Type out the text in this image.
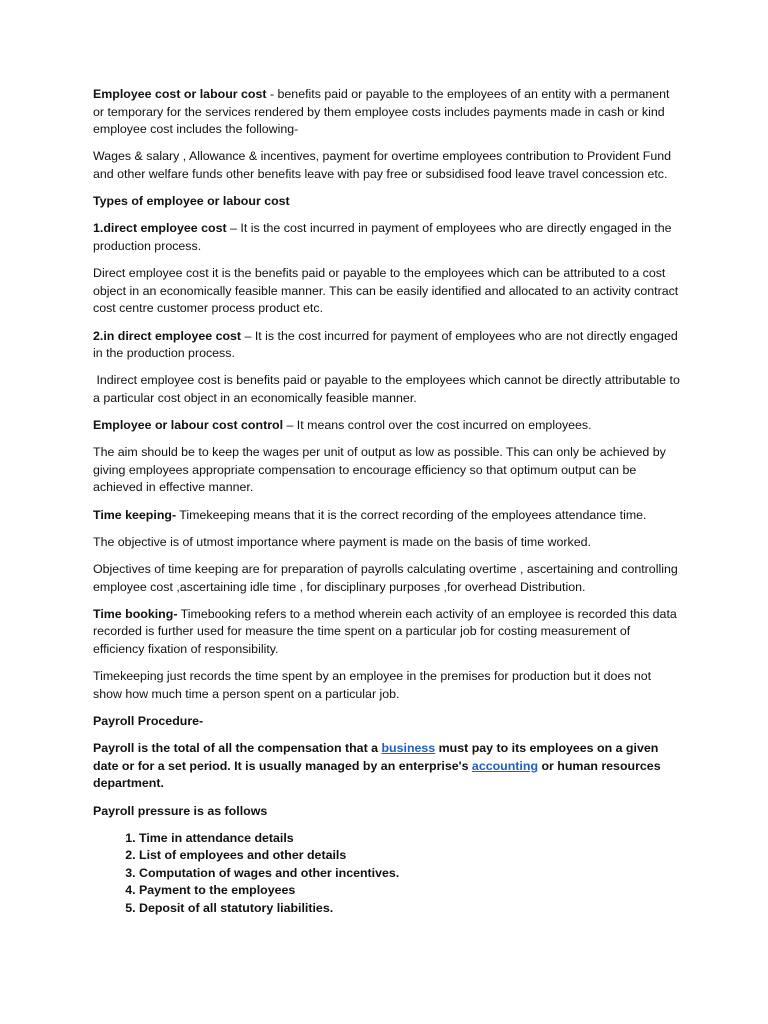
Employee cost or labour cost - benefits paid or payable to the employees of an entity with a permanent or temporary for the services rendered by them employee costs includes payments made in cash or kind employee cost includes the following-

Wages & salary , Allowance & incentives, payment for overtime employees contribution to Provident Fund and other welfare funds other benefits leave with pay free or subsidised food leave travel concession etc.

Types of employee or labour cost

1.direct employee cost – It is the cost incurred in payment of employees who are directly engaged in the production process.

Direct employee cost it is the benefits paid or payable to the employees which can be attributed to a cost object in an economically feasible manner. This can be easily identified and allocated to an activity contract cost centre customer process product etc.

2.in direct employee cost – It is the cost incurred for payment of employees who are not directly engaged in the production process.

Indirect employee cost is benefits paid or payable to the employees which cannot be directly attributable to a particular cost object in an economically feasible manner.

Employee or labour cost control – It means control over the cost incurred on employees.

The aim should be to keep the wages per unit of output as low as possible. This can only be achieved by giving employees appropriate compensation to encourage efficiency so that optimum output can be achieved in effective manner.

Time keeping- Timekeeping means that it is the correct recording of the employees attendance time.

The objective is of utmost importance where payment is made on the basis of time worked.

Objectives of time keeping are for preparation of payrolls calculating overtime , ascertaining and controlling employee cost ,ascertaining idle time , for disciplinary purposes ,for overhead Distribution.

Time booking- Timebooking refers to a method wherein each activity of an employee is recorded this data recorded is further used for measure the time spent on a particular job for costing measurement of efficiency fixation of responsibility.

Timekeeping just records the time spent by an employee in the premises for production but it does not show how much time a person spent on a particular job.

Payroll Procedure-

Payroll is the total of all the compensation that a business must pay to its employees on a given date or for a set period. It is usually managed by an enterprise's accounting or human resources department.

Payroll pressure is as follows

1. Time in attendance details
2. List of employees and other details
3. Computation of wages and other incentives.
4. Payment to the employees
5. Deposit of all statutory liabilities.
